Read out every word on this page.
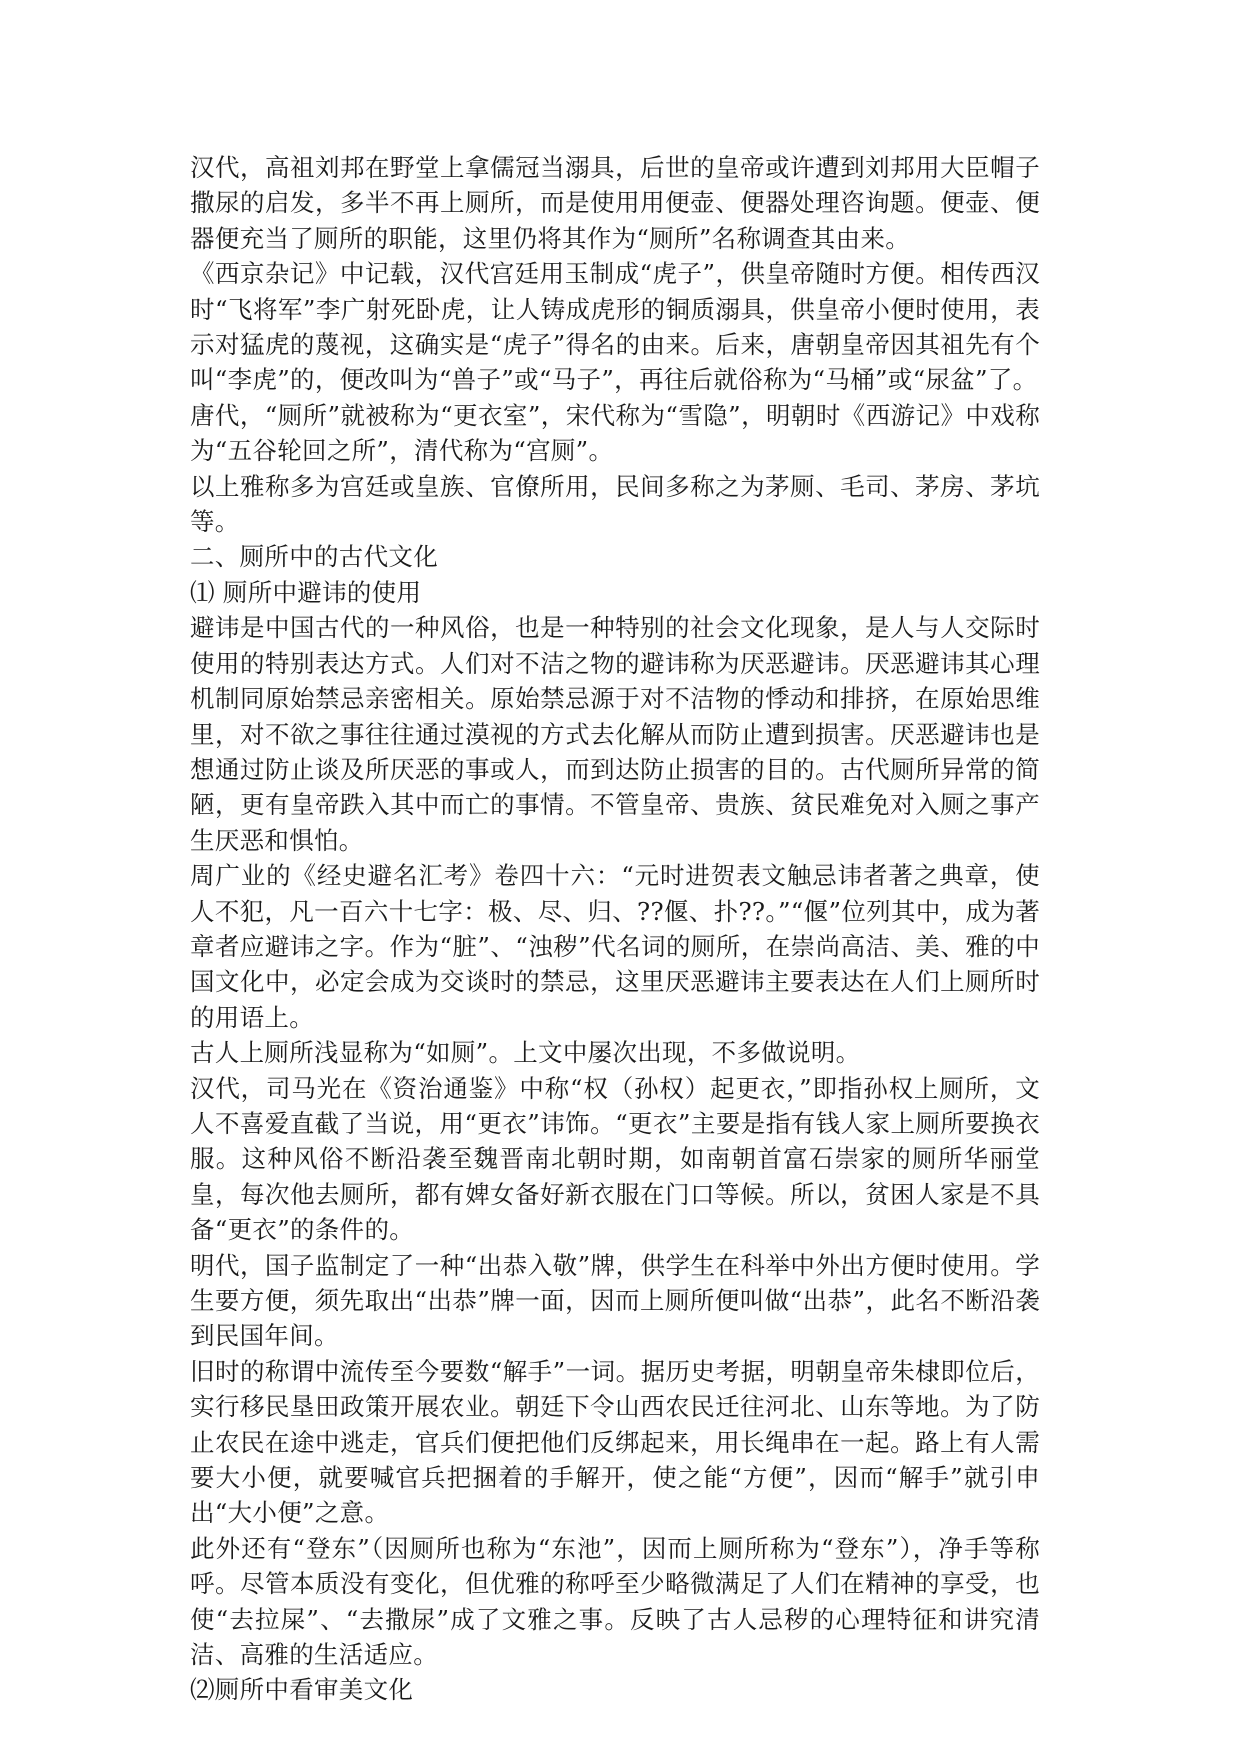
汉代，高祖刘邦在野堂上拿儒冠当溺具，后世的皇帝或许遭到刘邦用大臣帽子撒尿的启发，多半不再上厕所，而是使用用便壶、便器处理咨询题。便壶、便器便充当了厕所的职能，这里仍将其作为“厕所”名称调查其由来。

《西京杂记》中记载，汉代宫廷用玉制成“虎子”，供皇帝随时方便。相传西汉时“飞将军”李广射死卧虎，让人铸成虎形的铜质溺具，供皇帝小便时使用，表示对猛虎的蔑视，这确实是“虎子”得名的由来。后来，唐朝皇帝因其祖先有个叫“李虎”的，便改叫为“兽子”或“马子”，再往后就俗称为“马桶”或“尿盆”了。

唐代，“厕所”就被称为“更衣室”，宋代称为“雪隐”，明朝时《西游记》中戏称为“五谷轮回之所”，清代称为“宫厕”。

以上雅称多为宫廷或皇族、官僚所用，民间多称之为茅厕、毛司、茅房、茅坑等。

二、厕所中的古代文化

⑴ 厕所中避讳的使用

避讳是中国古代的一种风俗，也是一种特别的社会文化现象，是人与人交际时使用的特别表达方式。人们对不洁之物的避讳称为厌恶避讳。厌恶避讳其心理机制同原始禁忌亲密相关。原始禁忌源于对不洁物的悸动和排挤，在原始思维里，对不欲之事往往通过漠视的方式去化解从而防止遭到损害。厌恶避讳也是想通过防止谈及所厌恶的事或人，而到达防止损害的目的。古代厕所异常的简陋，更有皇帝跌入其中而亡的事情。不管皇帝、贵族、贫民难免对入厕之事产生厌恶和惧怕。

周广业的《经史避名汇考》卷四十六：“元时进贺表文触忌讳者著之典章，使人不犯，凡一百六十七字：极、尽、归、??偃、扑??。”“偃”位列其中，成为著章者应避讳之字。作为“脏”、“浊秽”代名词的厕所，在崇尚高洁、美、雅的中国文化中，必定会成为交谈时的禁忌，这里厌恶避讳主要表达在人们上厕所时的用语上。

古人上厕所浅显称为“如厕”。上文中屡次出现，不多做说明。

汉代，司马光在《资治通鉴》中称“权（孙权）起更衣，”即指孙权上厕所，文人不喜爱直截了当说，用“更衣”讳饰。“更衣”主要是指有钱人家上厕所要换衣服。这种风俗不断沿袭至魏晋南北朝时期，如南朝首富石崇家的厕所华丽堂皇，每次他去厕所，都有婢女备好新衣服在门口等候。所以，贫困人家是不具备“更衣”的条件的。

明代，国子监制定了一种“出恭入敬”牌，供学生在科举中外出方便时使用。学生要方便，须先取出“出恭”牌一面，因而上厕所便叫做“出恭”，此名不断沿袭到民国年间。

旧时的称谓中流传至今要数“解手”一词。据历史考据，明朝皇帝朱棣即位后，实行移民垦田政策开展农业。朝廷下令山西农民迁往河北、山东等地。为了防止农民在途中逃走，官兵们便把他们反绑起来，用长绳串在一起。路上有人需要大小便，就要喊官兵把捆着的手解开，使之能“方便”，因而“解手”就引申出“大小便”之意。

此外还有“登东”（因厕所也称为“东池”，因而上厕所称为“登东”），净手等称呼。尽管本质没有变化，但优雅的称呼至少略微满足了人们在精神的享受，也使“去拉屎”、“去撒尿”成了文雅之事。反映了古人忌秽的心理特征和讲究清洁、高雅的生活适应。

⑵厕所中看审美文化
